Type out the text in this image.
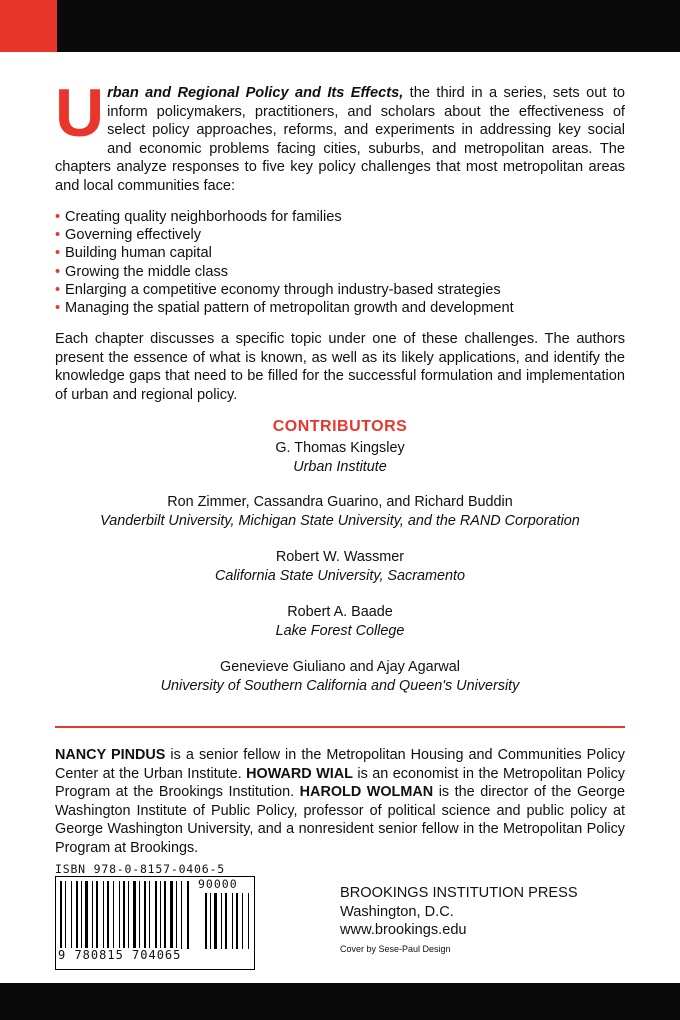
U rban and Regional Policy and Its Effects, the third in a series, sets out to inform policymakers, practitioners, and scholars about the effectiveness of select policy approaches, reforms, and experiments in addressing key social and economic problems facing cities, suburbs, and metropolitan areas. The chapters analyze responses to five key policy challenges that most metropolitan areas and local communities face:
• Creating quality neighborhoods for families
• Governing effectively
• Building human capital
• Growing the middle class
• Enlarging a competitive economy through industry-based strategies
• Managing the spatial pattern of metropolitan growth and development
Each chapter discusses a specific topic under one of these challenges. The authors present the essence of what is known, as well as its likely applications, and identify the knowledge gaps that need to be filled for the successful formulation and implementation of urban and regional policy.
CONTRIBUTORS
G. Thomas Kingsley
Urban Institute
Ron Zimmer, Cassandra Guarino, and Richard Buddin
Vanderbilt University, Michigan State University, and the RAND Corporation
Robert W. Wassmer
California State University, Sacramento
Robert A. Baade
Lake Forest College
Genevieve Giuliano and Ajay Agarwal
University of Southern California and Queen's University
NANCY PINDUS is a senior fellow in the Metropolitan Housing and Communities Policy Center at the Urban Institute. HOWARD WIAL is an economist in the Metropolitan Policy Program at the Brookings Institution. HAROLD WOLMAN is the director of the George Washington Institute of Public Policy, professor of political science and public policy at George Washington University, and a nonresident senior fellow in the Metropolitan Policy Program at Brookings.
ISBN 978-0-8157-0406-5
90000
9 780815 704065
BROOKINGS INSTITUTION PRESS
Washington, D.C.
www.brookings.edu
Cover by Sese-Paul Design
